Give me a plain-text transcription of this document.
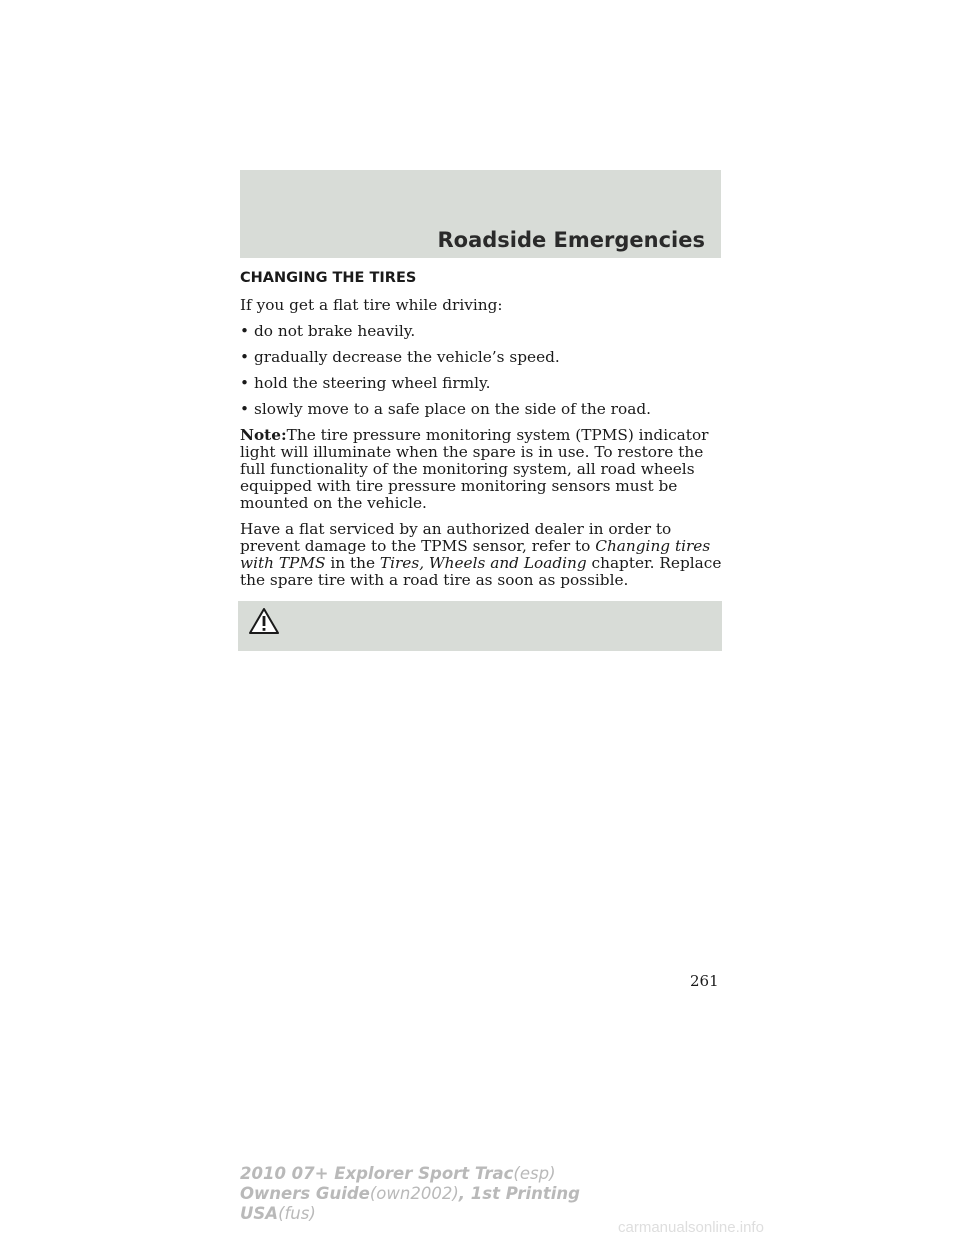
Roadside Emergencies
CHANGING THE TIRES

If you get a flat tire while driving:

• do not brake heavily.
• gradually decrease the vehicle’s speed.
• hold the steering wheel firmly.
• slowly move to a safe place on the side of the road.

Note:The tire pressure monitoring system (TPMS) indicator light will illuminate when the spare is in use. To restore the full functionality of the monitoring system, all road wheels equipped with tire pressure monitoring sensors must be mounted on the vehicle.

Have a flat serviced by an authorized dealer in order to prevent damage to the TPMS sensor, refer to Changing tires with TPMS in the Tires, Wheels and Loading chapter. Replace the spare tire with a road tire as soon as possible.

261
2010 07+ Explorer Sport Trac(esp)
Owners Guide(own2002), 1st Printing
USA(fus)
carmanualsonline.info
